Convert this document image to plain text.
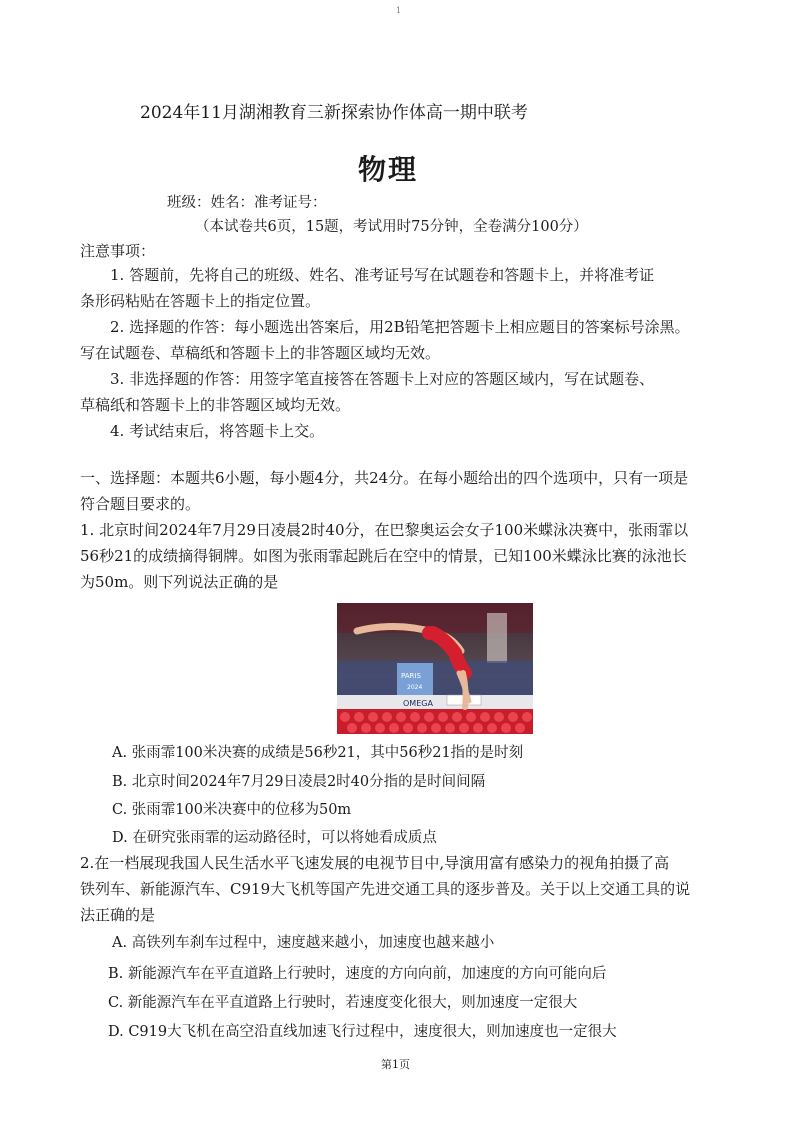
1
2024年11月湖湘教育三新探索协作体高一期中联考
物理
班级：姓名：准考证号：
（本试卷共6页，15题，考试用时75分钟，全卷满分100分）
注意事项：
1. 答题前，先将自己的班级、姓名、准考证号写在试题卷和答题卡上，并将准考证
条形码粘贴在答题卡上的指定位置。
2. 选择题的作答：每小题选出答案后，用2B铅笔把答题卡上相应题目的答案标号涂黑。
写在试题卷、草稿纸和答题卡上的非答题区域均无效。
3. 非选择题的作答：用签字笔直接答在答题卡上对应的答题区域内，写在试题卷、
草稿纸和答题卡上的非答题区域均无效。
4. 考试结束后，将答题卡上交。
一、选择题：本题共6小题，每小题4分，共24分。在每小题给出的四个选项中，只有一项是
符合题目要求的。
1. 北京时间2024年7月29日凌晨2时40分，在巴黎奥运会女子100米蝶泳决赛中，张雨霏以
56秒21的成绩摘得铜牌。如图为张雨霏起跳后在空中的情景，已知100米蝶泳比赛的泳池长
为50m。则下列说法正确的是
PARIS
2024
OMEGA
A. 张雨霏100米决赛的成绩是56秒21，其中56秒21指的是时刻
B. 北京时间2024年7月29日凌晨2时40分指的是时间间隔
C. 张雨霏100米决赛中的位移为50m
D. 在研究张雨霏的运动路径时，可以将她看成质点
2.在一档展现我国人民生活水平飞速发展的电视节目中,导演用富有感染力的视角拍摄了高
铁列车、新能源汽车、C919大飞机等国产先进交通工具的逐步普及。关于以上交通工具的说
法正确的是
A. 高铁列车刹车过程中，速度越来越小，加速度也越来越小
B. 新能源汽车在平直道路上行驶时，速度的方向向前，加速度的方向可能向后
C. 新能源汽车在平直道路上行驶时，若速度变化很大，则加速度一定很大
D. C919大飞机在高空沿直线加速飞行过程中，速度很大，则加速度也一定很大
第1页
